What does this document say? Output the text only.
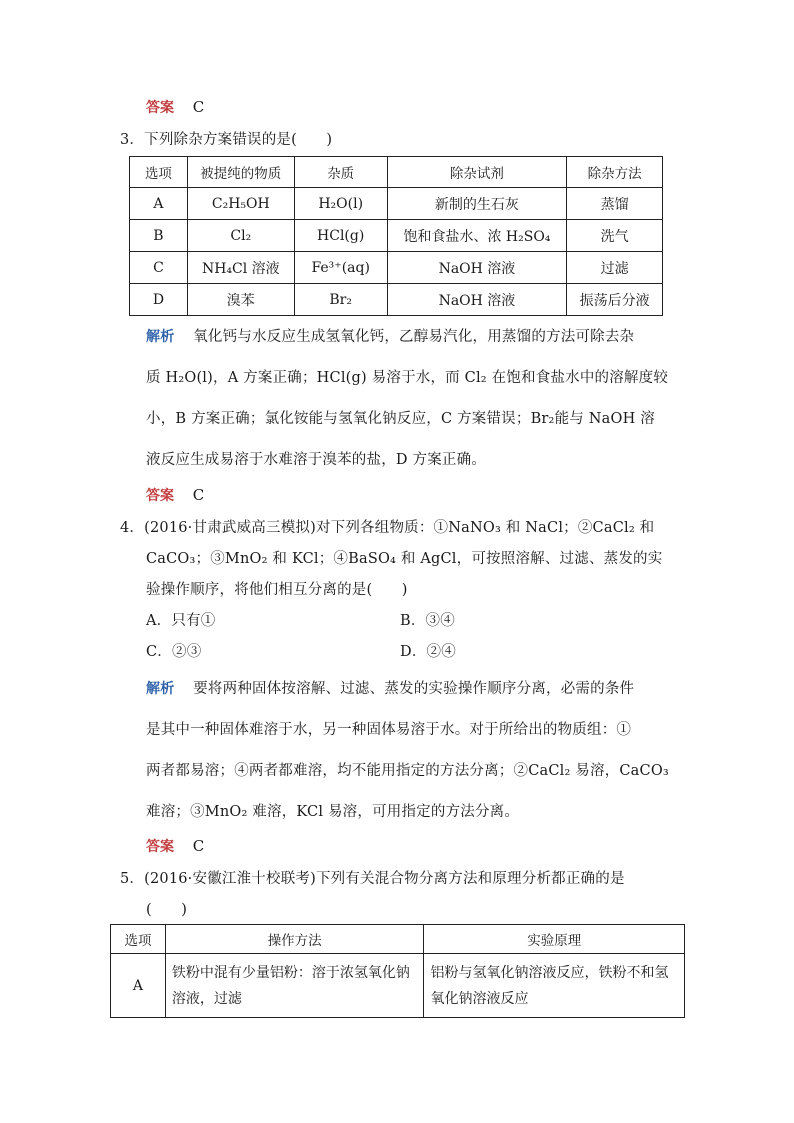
答案 C
3．下列除杂方案错误的是(　　)
选项	被提纯的物质	杂质	除杂试剂	除杂方法
A	C₂H₅OH	H₂O(l)	新制的生石灰	蒸馏
B	Cl₂	HCl(g)	饱和食盐水、浓 H₂SO₄	洗气
C	NH₄Cl 溶液	Fe³⁺(aq)	NaOH 溶液	过滤
D	溴苯	Br₂	NaOH 溶液	振荡后分液
解析 氧化钙与水反应生成氢氧化钙，乙醇易汽化，用蒸馏的方法可除去杂
质 H₂O(l)，A 方案正确；HCl(g) 易溶于水，而 Cl₂ 在饱和食盐水中的溶解度较
小，B 方案正确；氯化铵能与氢氧化钠反应，C 方案错误；Br₂能与 NaOH 溶
液反应生成易溶于水难溶于溴苯的盐，D 方案正确。
答案 C
4．(2016·甘肃武威高三模拟)对下列各组物质：①NaNO₃ 和 NaCl；②CaCl₂ 和
CaCO₃；③MnO₂ 和 KCl；④BaSO₄ 和 AgCl，可按照溶解、过滤、蒸发的实
验操作顺序，将他们相互分离的是(　　)
A．只有①	B．③④
C．②③	D．②④
解析 要将两种固体按溶解、过滤、蒸发的实验操作顺序分离，必需的条件
是其中一种固体难溶于水，另一种固体易溶于水。对于所给出的物质组：①
两者都易溶；④两者都难溶，均不能用指定的方法分离；②CaCl₂ 易溶，CaCO₃
难溶；③MnO₂ 难溶，KCl 易溶，可用指定的方法分离。
答案 C
5．(2016·安徽江淮十校联考)下列有关混合物分离方法和原理分析都正确的是
(　　)
选项	操作方法	实验原理
A	铁粉中混有少量铝粉：溶于浓氢氧化钠溶液，过滤	铝粉与氢氧化钠溶液反应，铁粉不和氢氧化钠溶液反应
